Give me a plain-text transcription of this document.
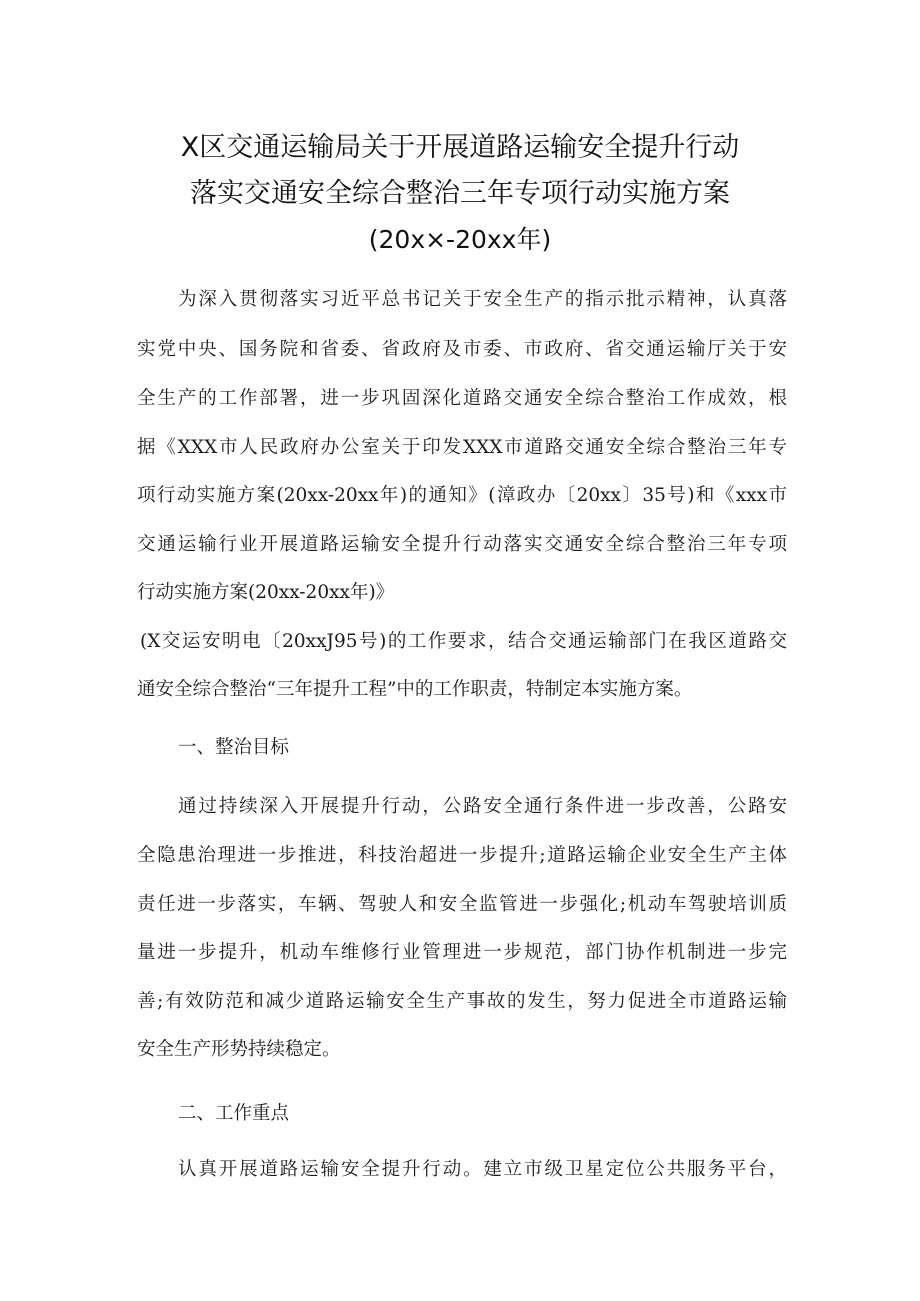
X区交通运输局关于开展道路运输安全提升行动
落实交通安全综合整治三年专项行动实施方案
(20x×-20xx年)
为深入贯彻落实习近平总书记关于安全生产的指示批示精神，认真落
实党中央、国务院和省委、省政府及市委、市政府、省交通运输厅关于安
全生产的工作部署，进一步巩固深化道路交通安全综合整治工作成效，根
据《XXX市人民政府办公室关于印发XXX市道路交通安全综合整治三年专
项行动实施方案(20xx-20xx年)的通知》(漳政办〔20xx〕35号)和《xxx市
交通运输行业开展道路运输安全提升行动落实交通安全综合整治三年专项
行动实施方案(20xx-20xx年)》
(X交运安明电〔20xxJ95号)的工作要求，结合交通运输部门在我区道路交
通安全综合整治“三年提升工程”中的工作职责，特制定本实施方案。
一、整治目标
通过持续深入开展提升行动，公路安全通行条件进一步改善，公路安
全隐患治理进一步推进，科技治超进一步提升;道路运输企业安全生产主体
责任进一步落实，车辆、驾驶人和安全监管进一步强化;机动车驾驶培训质
量进一步提升，机动车维修行业管理进一步规范，部门协作机制进一步完
善;有效防范和减少道路运输安全生产事故的发生，努力促进全市道路运输
安全生产形势持续稳定。
二、工作重点
认真开展道路运输安全提升行动。建立市级卫星定位公共服务平台，
